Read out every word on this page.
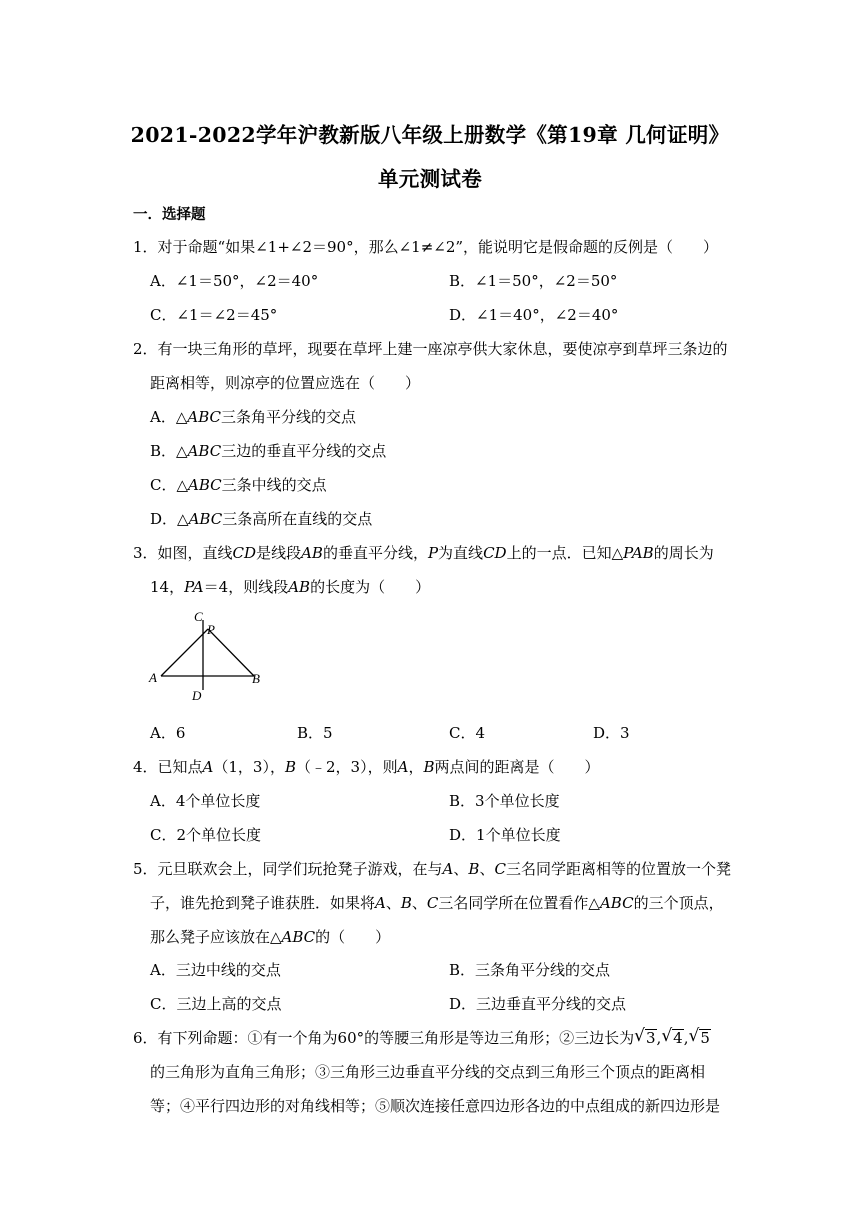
2021-2022学年沪教新版八年级上册数学《第19章 几何证明》
单元测试卷
一．选择题
1．对于命题“如果∠1+∠2＝90°，那么∠1≠∠2”，能说明它是假命题的反例是（　　）
A．∠1＝50°，∠2＝40°	B．∠1＝50°，∠2＝50°
C．∠1＝∠2＝45°	D．∠1＝40°，∠2＝40°
2．有一块三角形的草坪，现要在草坪上建一座凉亭供大家休息，要使凉亭到草坪三条边的
距离相等，则凉亭的位置应选在（　　）
A．△ABC三条角平分线的交点
B．△ABC三边的垂直平分线的交点
C．△ABC三条中线的交点
D．△ABC三条高所在直线的交点
3．如图，直线CD是线段AB的垂直平分线，P为直线CD上的一点．已知△PAB的周长为
14，PA＝4，则线段AB的长度为（　　）
C
P
A	B
D
A．6	B．5	C．4	D．3
4．已知点A（1，3），B（﹣2，3），则A，B两点间的距离是（　　）
A．4个单位长度	B．3个单位长度
C．2个单位长度	D．1个单位长度
5．元旦联欢会上，同学们玩抢凳子游戏，在与A、B、C三名同学距离相等的位置放一个凳
子，谁先抢到凳子谁获胜．如果将A、B、C三名同学所在位置看作△ABC的三个顶点，
那么凳子应该放在△ABC的（　　）
A．三边中线的交点	B．三条角平分线的交点
C．三边上高的交点	D．三边垂直平分线的交点
6．有下列命题：①有一个角为60°的等腰三角形是等边三角形；②三边长为 √ 3 , √ 4 , √ 5
的三角形为直角三角形；③三角形三边垂直平分线的交点到三角形三个顶点的距离相
等；④平行四边形的对角线相等；⑤顺次连接任意四边形各边的中点组成的新四边形是
